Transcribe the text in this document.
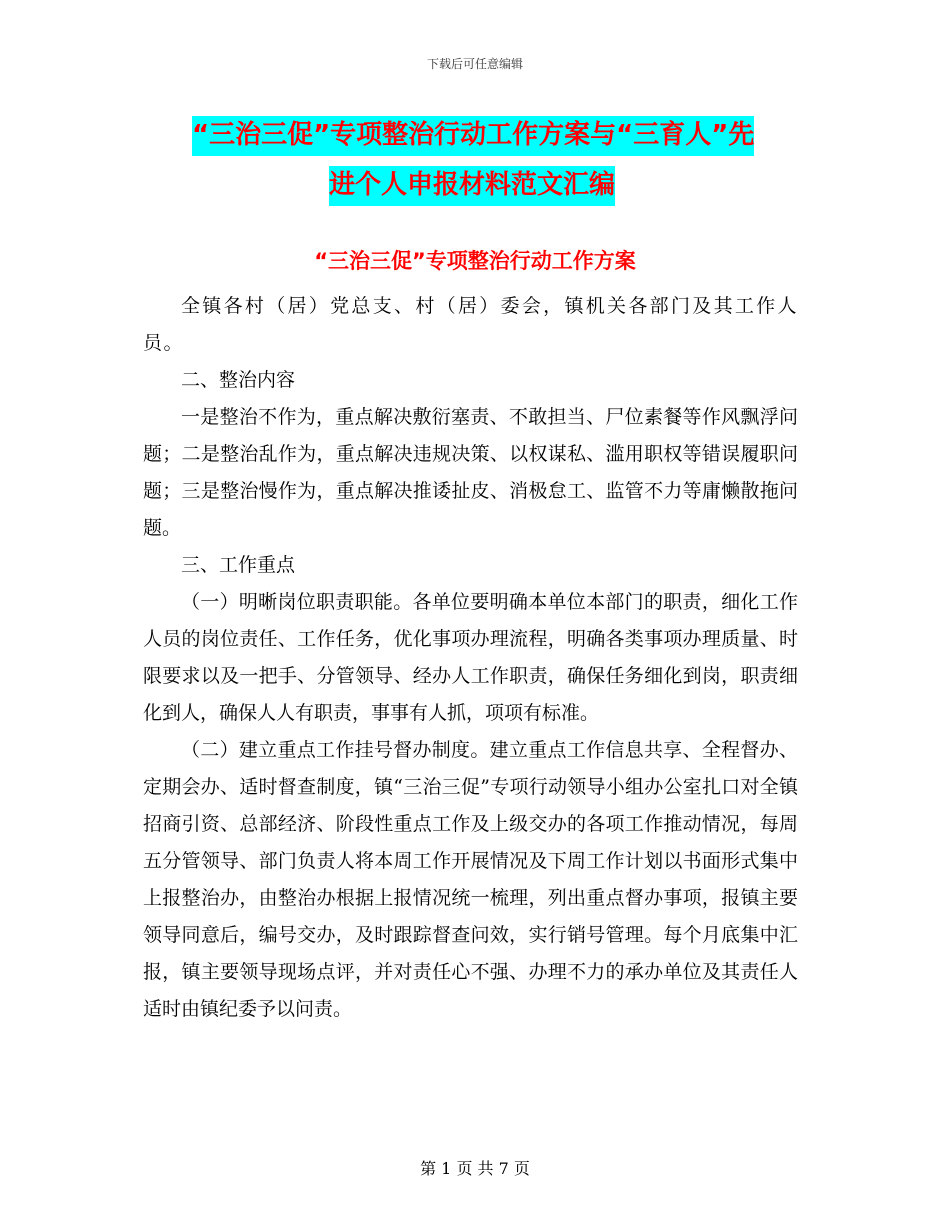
下载后可任意编辑
“三治三促”专项整治行动工作方案与“三育人”先
进个人申报材料范文汇编
“三治三促”专项整治行动工作方案

全镇各村（居）党总支、村（居）委会，镇机关各部门及其工作人员。

二、整治内容

一是整治不作为，重点解决敷衍塞责、不敢担当、尸位素餐等作风飘浮问题；二是整治乱作为，重点解决违规决策、以权谋私、滥用职权等错误履职问题；三是整治慢作为，重点解决推诿扯皮、消极怠工、监管不力等庸懒散拖问题。

三、工作重点

（一）明晰岗位职责职能。各单位要明确本单位本部门的职责，细化工作人员的岗位责任、工作任务，优化事项办理流程，明确各类事项办理质量、时限要求以及一把手、分管领导、经办人工作职责，确保任务细化到岗，职责细化到人，确保人人有职责，事事有人抓，项项有标准。

（二）建立重点工作挂号督办制度。建立重点工作信息共享、全程督办、定期会办、适时督查制度，镇“三治三促”专项行动领导小组办公室扎口对全镇招商引资、总部经济、阶段性重点工作及上级交办的各项工作推动情况，每周五分管领导、部门负责人将本周工作开展情况及下周工作计划以书面形式集中上报整治办，由整治办根据上报情况统一梳理，列出重点督办事项，报镇主要领导同意后，编号交办，及时跟踪督查问效，实行销号管理。每个月底集中汇报，镇主要领导现场点评，并对责任心不强、办理不力的承办单位及其责任人适时由镇纪委予以问责。

第 1 页 共 7 页
